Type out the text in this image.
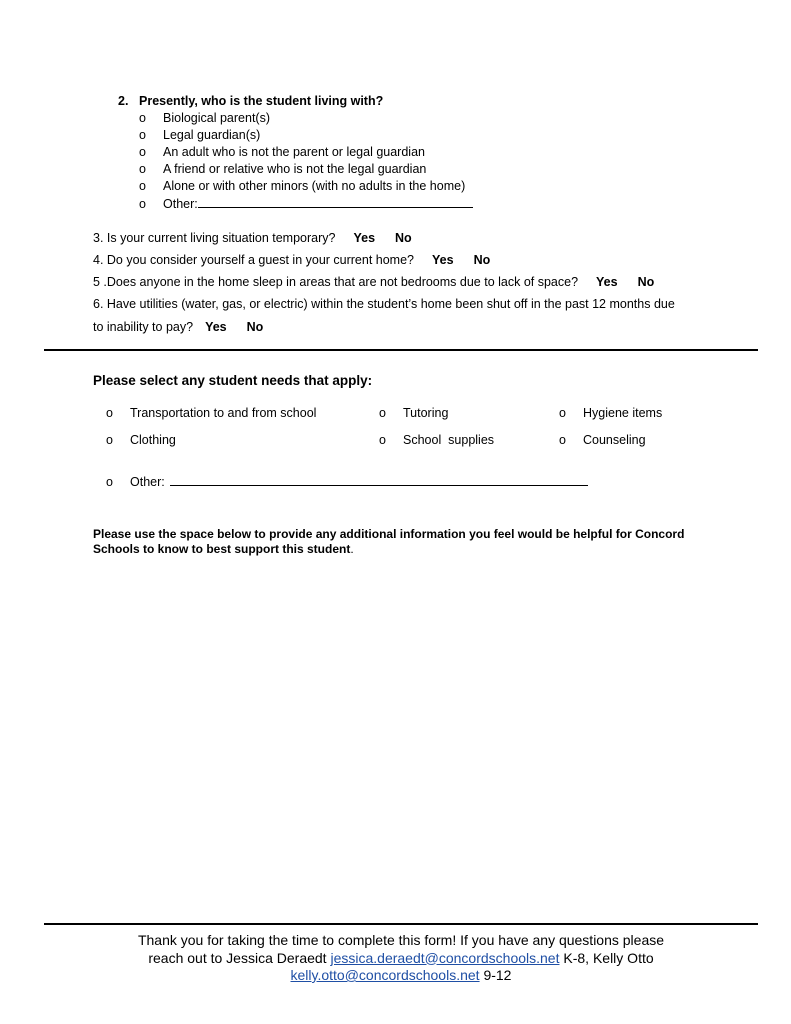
2. Presently, who is the student living with?
o Biological parent(s)
o Legal guardian(s)
o An adult who is not the parent or legal guardian
o A friend or relative who is not the legal guardian
o Alone or with other minors (with no adults in the home)
o Other:
3. Is your current living situation temporary? Yes No
4. Do you consider yourself a guest in your current home? Yes No
5 .Does anyone in the home sleep in areas that are not bedrooms due to lack of space? Yes No
6. Have utilities (water, gas, or electric) within the student’s home been shut off in the past 12 months due
to inability to pay? Yes No
Please select any student needs that apply:
o Transportation to and from school	o Tutoring	o Hygiene items
o Clothing	o School  supplies	o Counseling
o Other:
Please use the space below to provide any additional information you feel would be helpful for Concord Schools to know to best support this student.
Thank you for taking the time to complete this form! If you have any questions please
reach out to Jessica Deraedt jessica.deraedt@concordschools.net K-8, Kelly Otto
kelly.otto@concordschools.net 9-12
